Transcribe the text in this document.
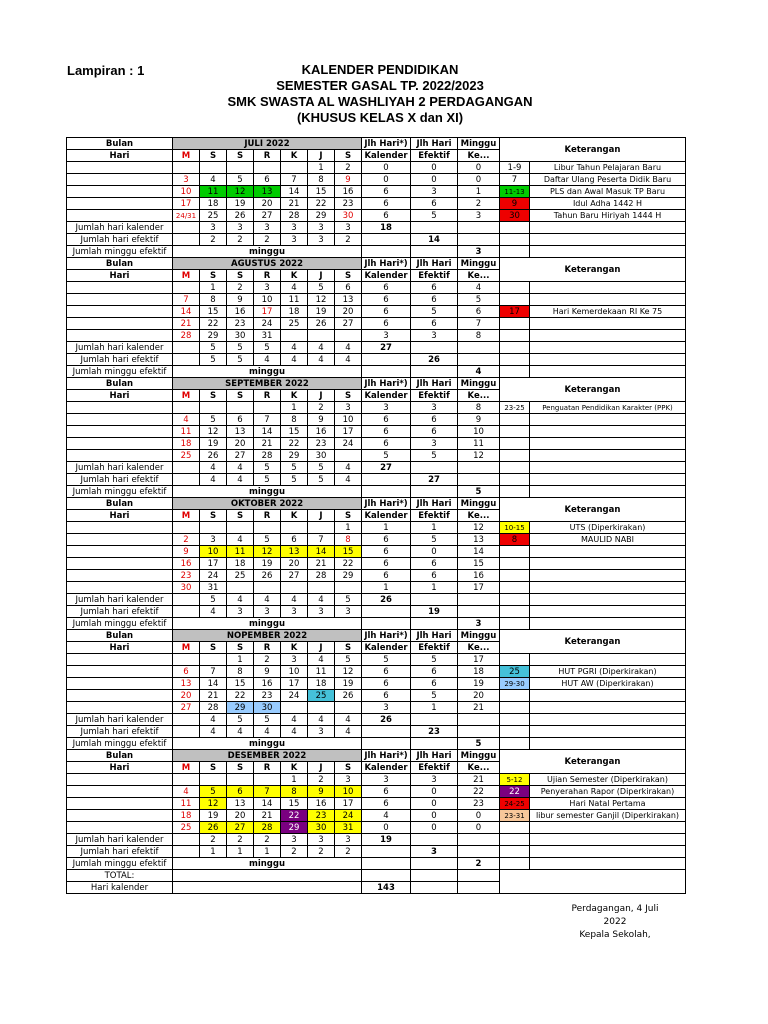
Lampiran : 1	KALENDER PENDIDIKAN
SEMESTER GASAL TP. 2022/2023
SMK SWASTA AL WASHLIYAH 2 PERDAGANGAN
(KHUSUS KELAS X dan XI)
Bulan	JULI 2022							Jlh Hari*)	Jlh Hari	Minggu	Keterangan	
Hari	M	S	S	R	K	J	S	Kalender	Efektif	Ke...		
						1	2	0	0	0	1-9	Libur Tahun Pelajaran Baru
	3	4	5	6	7	8	9	0	0	0	7	Daftar Ulang Peserta Didik Baru
	10	11	12	13	14	15	16	6	3	1	11-13	PLS dan Awal Masuk TP Baru
	17	18	19	20	21	22	23	6	6	2	9	Idul Adha 1442 H
	24/31	25	26	27	28	29	30	6	5	3	30	Tahun Baru Hiriyah 1444 H
Jumlah hari kalender		3	3	3	3	3	3	18				
Jumlah hari efektif		2	2	2	3	3	2		14			
Jumlah minggu efektif	minggu									3		
Bulan	AGUSTUS 2022							Jlh Hari*)	Jlh Hari	Minggu	Keterangan	
Hari	M	S	S	R	K	J	S	Kalender	Efektif	Ke...		
		1	2	3	4	5	6	6	6	4		
	7	8	9	10	11	12	13	6	6	5		
	14	15	16	17	18	19	20	6	5	6	17	Hari Kemerdekaan RI Ke 75
	21	22	23	24	25	26	27	6	6	7		
	28	29	30	31				3	3	8		
Jumlah hari kalender		5	5	5	4	4	4	27				
Jumlah hari efektif		5	5	4	4	4	4		26			
Jumlah minggu efektif	minggu									4		
Bulan	SEPTEMBER 2022							Jlh Hari*)	Jlh Hari	Minggu	Keterangan	
Hari	M	S	S	R	K	J	S	Kalender	Efektif	Ke...		
					1	2	3	3	3	8	23-25	Penguatan Pendidikan Karakter (PPK)
	4	5	6	7	8	9	10	6	6	9		
	11	12	13	14	15	16	17	6	6	10		
	18	19	20	21	22	23	24	6	3	11		
	25	26	27	28	29	30		5	5	12		
Jumlah hari kalender		4	4	5	5	5	4	27				
Jumlah hari efektif		4	4	5	5	5	4		27			
Jumlah minggu efektif	minggu									5		
Bulan	OKTOBER 2022							Jlh Hari*)	Jlh Hari	Minggu	Keterangan	
Hari	M	S	S	R	K	J	S	Kalender	Efektif	Ke...		
							1	1	1	12	10-15	UTS (Diperkirakan)
	2	3	4	5	6	7	8	6	5	13	8	MAULID NABI
	9	10	11	12	13	14	15	6	0	14		
	16	17	18	19	20	21	22	6	6	15		
	23	24	25	26	27	28	29	6	6	16		
	30	31						1	1	17		
Jumlah hari kalender		5	4	4	4	4	5	26				
Jumlah hari efektif		4	3	3	3	3	3		19			
Jumlah minggu efektif	minggu									3		
Bulan	NOPEMBER 2022							Jlh Hari*)	Jlh Hari	Minggu	Keterangan	
Hari	M	S	S	R	K	J	S	Kalender	Efektif	Ke...		
			1	2	3	4	5	5	5	17		
	6	7	8	9	10	11	12	6	6	18	25	HUT PGRI (Diperkirakan)
	13	14	15	16	17	18	19	6	6	19	29-30	HUT AW (Diperkirakan)
	20	21	22	23	24	25	26	6	5	20		
	27	28	29	30				3	1	21		
Jumlah hari kalender		4	5	5	4	4	4	26				
Jumlah hari efektif		4	4	4	4	3	4		23			
Jumlah minggu efektif	minggu									5		
Bulan	DESEMBER 2022							Jlh Hari*)	Jlh Hari	Minggu	Keterangan	
Hari	M	S	S	R	K	J	S	Kalender	Efektif	Ke...		
					1	2	3	3	3	21	5-12	Ujian Semester (Diperkirakan)
	4	5	6	7	8	9	10	6	0	22	22	Penyerahan Rapor (Diperkirakan)
	11	12	13	14	15	16	17	6	0	23	24-25	Hari Natal Pertama
	18	19	20	21	22	23	24	4	0	0	23-31	libur semester Ganjil (Diperkirakan)
	25	26	27	28	29	30	31	0	0	0		
Jumlah hari kalender		2	2	2	3	3	3	19				
Jumlah hari efektif		1	1	1	2	2	2		3			
Jumlah minggu efektif	minggu									2		
TOTAL:												
Hari kalender								143				
Perdagangan, 4 Juli 2022
Kepala Sekolah,
